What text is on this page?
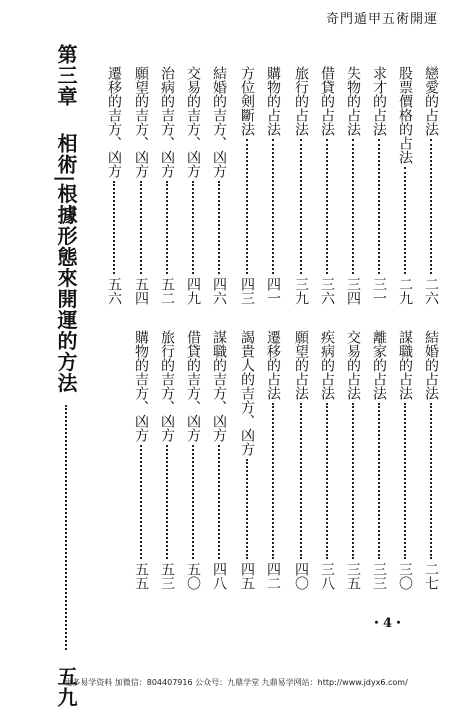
奇門遁甲五術開運
第三章 相術|根據形態來開運的方法  五九
戀愛的占法二六
股票價格的占法二九
求才的占法三一
失物的占法三四
借貸的占法三六
旅行的占法三九
購物的占法四一
方位剣斷法四三
結婚的吉方、凶方四六
交易的吉方、凶方四九
治病的吉方、凶方五二
願望的吉方、凶方五四
遷移的吉方、凶方五六
結婚的占法二七
謀職的占法三〇
離家的占法三三
交易的占法三五
疾病的占法三八
願望的占法四〇
遷移的占法四二
謁貴人的吉方、凶方四五
謀職的吉方、凶方四八
借貸的吉方、凶方五〇
旅行的吉方、凶方五三
購物的吉方、凶方五五
・4・
更多易学资料 加微信：804407916 公众号：九鼎学堂 九鼎易学网站：http://www.jdyx6.com/
